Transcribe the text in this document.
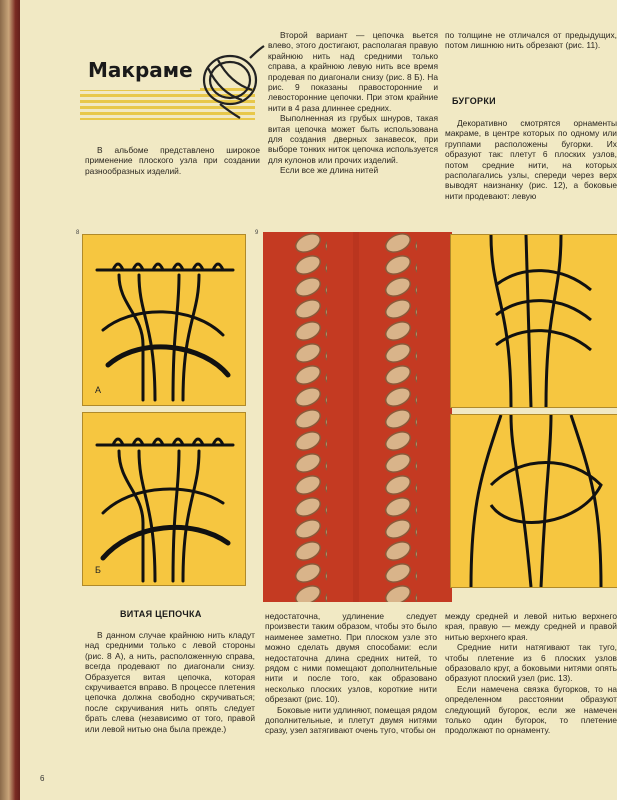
Макраме

В альбоме представлено широкое применение плоского узла при создании разнообразных изделий.

Второй вариант — цепочка вьется влево, этого достигают, располагая правую крайнюю нить над средними только справа, а крайнюю левую нить все время продевая по диагонали снизу (рис. 8 Б). На рис. 9 показаны правосторонние и левосторонние цепочки. При этом крайние нити в 4 раза длиннее средних.

Выполненная из грубых шнуров, такая витая цепочка может быть использована для создания дверных занавесок, при выборе тонких ниток цепочка используется для кулонов или прочих изделий.

Если все же длина нитей

по толщине не отличался от предыдущих, потом лишнюю нить обрезают (рис. 11).

БУГОРКИ

Декоративно смотрятся орнаменты макраме, в центре которых по одному или группами расположены бугорки. Их образуют так: плетут 6 плоских узлов, потом средние нити, на которых располагались узлы, спереди через верх выводят наизнанку (рис. 12), а боковые нити продевают: левую

8	9
А
Б
ВИТАЯ ЦЕПОЧКА

В данном случае крайнюю нить кладут над средними только с левой стороны (рис. 8 А), а нить, расположенную справа, всегда продевают по диагонали снизу. Образуется витая цепочка, которая скручивается вправо. В процессе плетения цепочка должна свободно скручиваться; после скручивания нить опять следует брать слева (независимо от того, правой или левой нитью она была прежде.)

недостаточна, удлинение следует произвести таким образом, чтобы это было наименее заметно. При плоском узле это можно сделать двумя способами: если недостаточна длина средних нитей, то рядом с ними помещают дополнительные нити и после того, как образовано несколько плоских узлов, короткие нити обрезают (рис. 10).

Боковые нити удлиняют, помещая рядом дополнительные, и плетут двумя нитями сразу, узел затягивают очень туго, чтобы он

между средней и левой нитью верхнего края, правую — между средней и правой нитью верхнего края.

Средние нити натягивают так туго, чтобы плетение из 6 плоских узлов образовало круг, а боковыми нитями опять образуют плоский узел (рис. 13).

Если намечена связка бугорков, то на определенном расстоянии образуют следующий бугорок, если же намечен только один бугорок, то плетение продолжают по орнаменту.

6
